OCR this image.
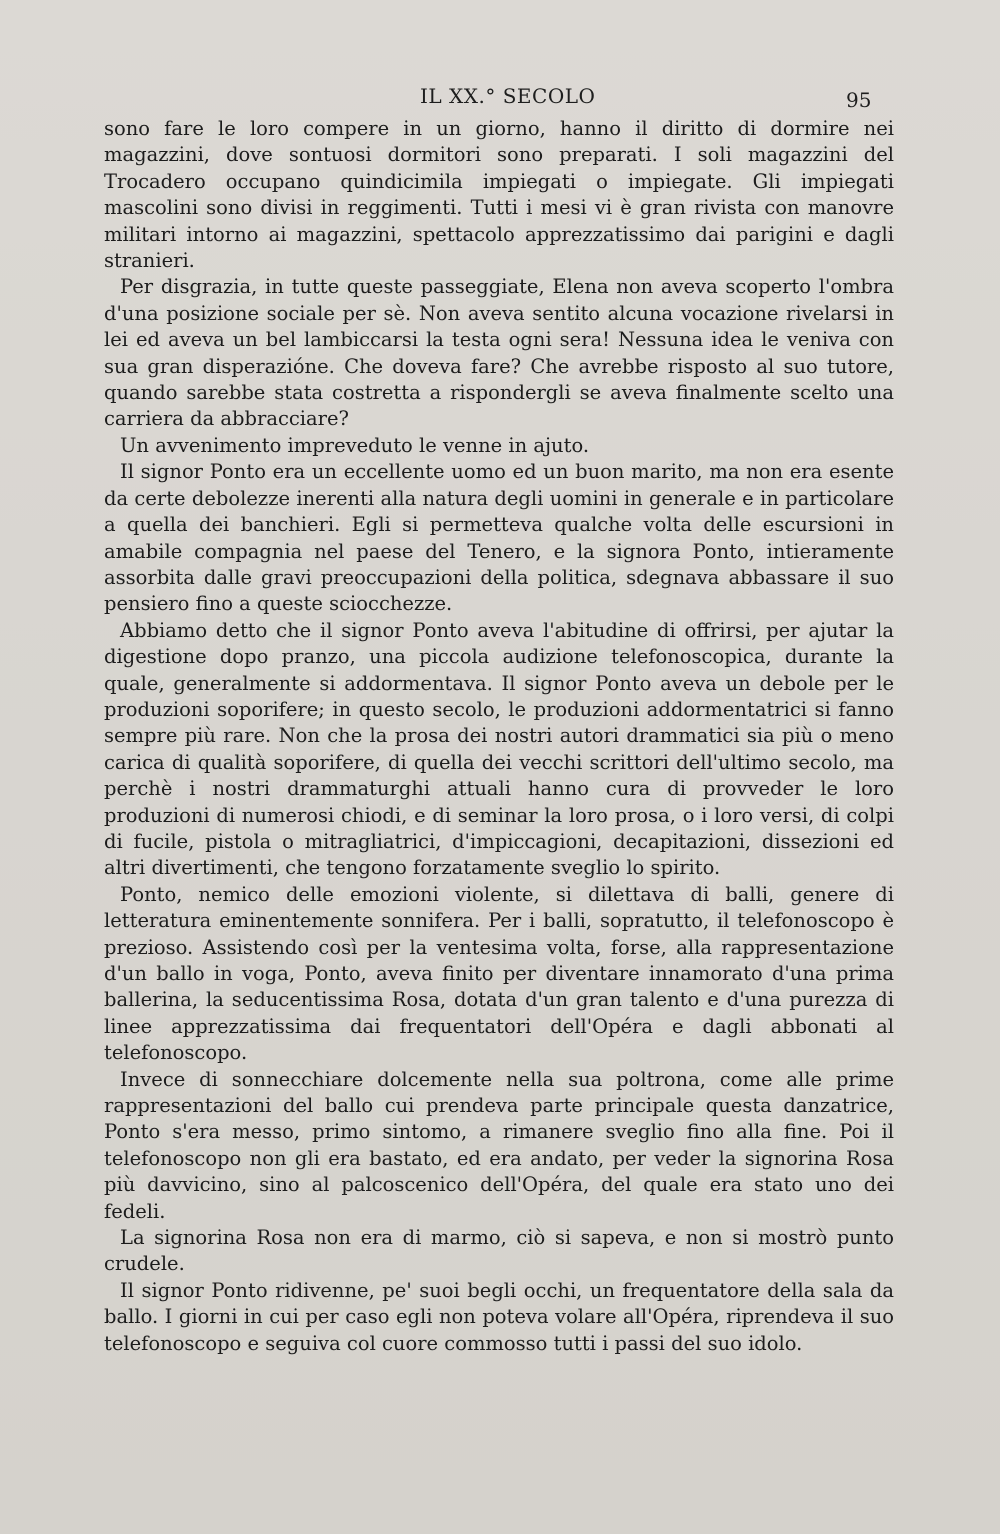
IL XX.° SECOLO	95

sono fare le loro compere in un giorno, hanno il diritto di dormire nei magazzini, dove sontuosi dormitori sono preparati. I soli magazzini del Trocadero occupano quindicimila impiegati o impiegate. Gli impiegati mascolini sono divisi in reggimenti. Tutti i mesi vi è gran rivista con manovre militari intorno ai magazzini, spettacolo apprezzatissimo dai parigini e dagli stranieri.

Per disgrazia, in tutte queste passeggiate, Elena non aveva scoperto l'ombra d'una posizione sociale per sè. Non aveva sentito alcuna vocazione rivelarsi in lei ed aveva un bel lambiccarsi la testa ogni sera! Nessuna idea le veniva con sua gran disperazióne. Che doveva fare? Che avrebbe risposto al suo tutore, quando sarebbe stata costretta a rispondergli se aveva finalmente scelto una carriera da abbracciare?

Un avvenimento impreveduto le venne in ajuto.

Il signor Ponto era un eccellente uomo ed un buon marito, ma non era esente da certe debolezze inerenti alla natura degli uomini in generale e in particolare a quella dei banchieri. Egli si permetteva qualche volta delle escursioni in amabile compagnia nel paese del Tenero, e la signora Ponto, intieramente assorbita dalle gravi preoccupazioni della politica, sdegnava abbassare il suo pensiero fino a queste sciocchezze.

Abbiamo detto che il signor Ponto aveva l'abitudine di offrirsi, per ajutar la digestione dopo pranzo, una piccola audizione telefonoscopica, durante la quale, generalmente si addormentava. Il signor Ponto aveva un debole per le produzioni soporifere; in questo secolo, le produzioni addormentatrici si fanno sempre più rare. Non che la prosa dei nostri autori drammatici sia più o meno carica di qualità soporifere, di quella dei vecchi scrittori dell'ultimo secolo, ma perchè i nostri drammaturghi attuali hanno cura di provveder le loro produzioni di numerosi chiodi, e di seminar la loro prosa, o i loro versi, di colpi di fucile, pistola o mitragliatrici, d'impiccagioni, decapitazioni, dissezioni ed altri divertimenti, che tengono forzatamente sveglio lo spirito.

Ponto, nemico delle emozioni violente, si dilettava di balli, genere di letteratura eminentemente sonnifera. Per i balli, sopratutto, il telefonoscopo è prezioso. Assistendo così per la ventesima volta, forse, alla rappresentazione d'un ballo in voga, Ponto, aveva finito per diventare innamorato d'una prima ballerina, la seducentissima Rosa, dotata d'un gran talento e d'una purezza di linee apprezzatissima dai frequentatori dell'Opéra e dagli abbonati al telefonoscopo.

Invece di sonnecchiare dolcemente nella sua poltrona, come alle prime rappresentazioni del ballo cui prendeva parte principale questa danzatrice, Ponto s'era messo, primo sintomo, a rimanere sveglio fino alla fine. Poi il telefonoscopo non gli era bastato, ed era andato, per veder la signorina Rosa più davvicino, sino al palcoscenico dell'Opéra, del quale era stato uno dei fedeli.

La signorina Rosa non era di marmo, ciò si sapeva, e non si mostrò punto crudele.

Il signor Ponto ridivenne, pe' suoi begli occhi, un frequentatore della sala da ballo. I giorni in cui per caso egli non poteva volare all'Opéra, riprendeva il suo telefonoscopo e seguiva col cuore commosso tutti i passi del suo idolo.
